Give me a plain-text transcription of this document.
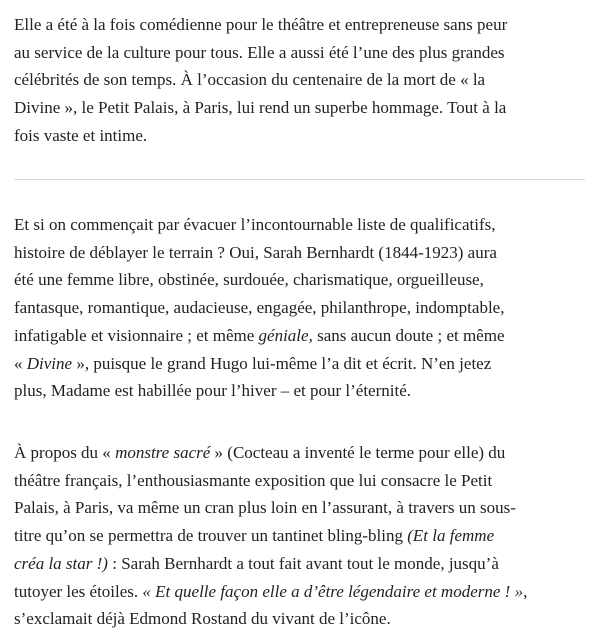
Elle a été à la fois comédienne pour le théâtre et entrepreneuse sans peur
au service de la culture pour tous. Elle a aussi été l’une des plus grandes
célébrités de son temps. À l’occasion du centenaire de la mort de « la
Divine », le Petit Palais, à Paris, lui rend un superbe hommage. Tout à la
fois vaste et intime.
Et si on commençait par évacuer l’incontournable liste de qualificatifs,
histoire de déblayer le terrain ? Oui, Sarah Bernhardt (1844-1923) aura
été une femme libre, obstinée, surdouée, charismatique, orgueilleuse,
fantasque, romantique, audacieuse, engagée, philanthrope, indomptable,
infatigable et visionnaire ; et même géniale, sans aucun doute ; et même
« Divine », puisque le grand Hugo lui-même l’a dit et écrit. N’en jetez
plus, Madame est habillée pour l’hiver – et pour l’éternité.
À propos du « monstre sacré » (Cocteau a inventé le terme pour elle) du
théâtre français, l’enthousiasmante exposition que lui consacre le Petit
Palais, à Paris, va même un cran plus loin en l’assurant, à travers un sous-
titre qu’on se permettra de trouver un tantinet bling-bling (Et la femme
créa la star !) : Sarah Bernhardt a tout fait avant tout le monde, jusqu’à
tutoyer les étoiles. « Et quelle façon elle a d’être légendaire et moderne ! »,
s’exclamait déjà Edmond Rostand du vivant de l’icône.
